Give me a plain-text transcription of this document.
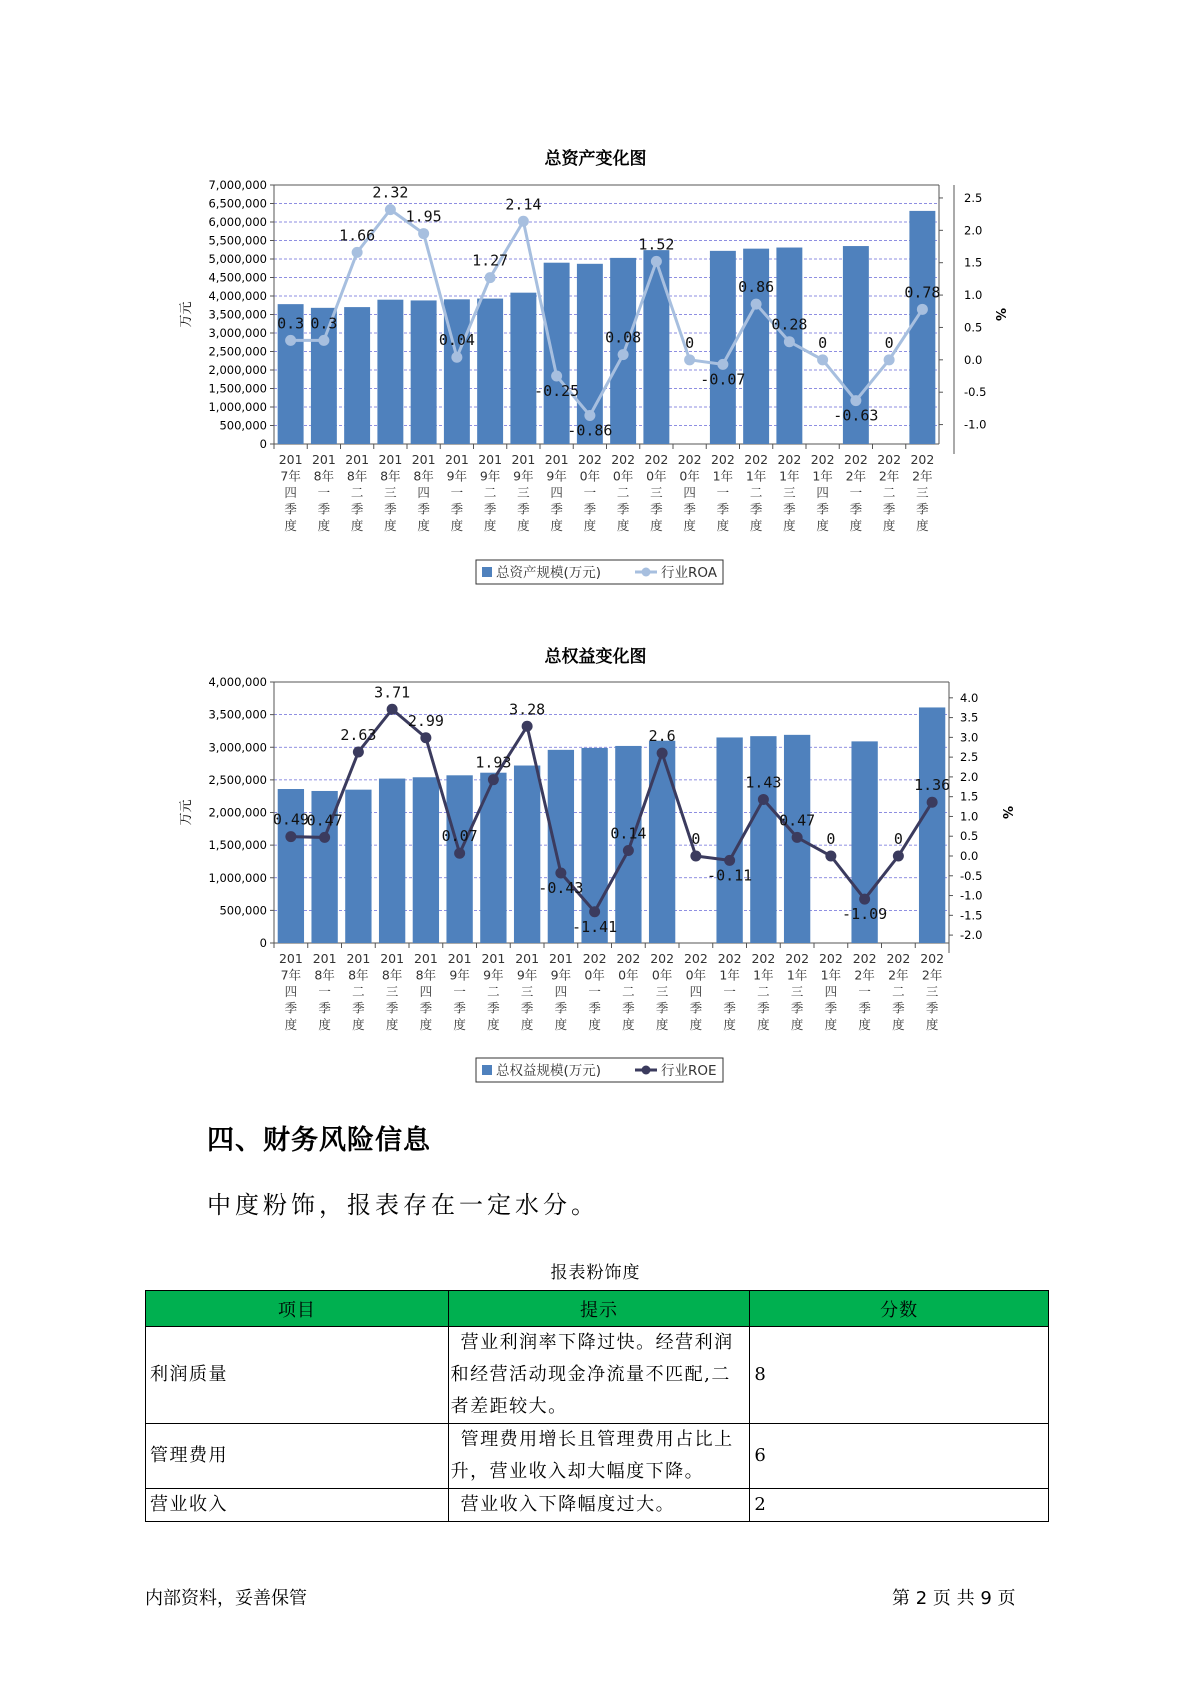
总资产变化图
0
500,000
1,000,000
1,500,000
2,000,000
2,500,000
3,000,000
3,500,000
4,000,000
4,500,000
5,000,000
5,500,000
6,000,000
6,500,000
7,000,000
-1.0
-0.5
0.0
0.5
1.0
1.5
2.0
2.5
万元	%
201 7年四季度
201 8年一季度
201 8年二季度
201 8年三季度
201 8年四季度
201 9年一季度
201 9年二季度
201 9年三季度
201 9年四季度
202 0年一季度
202 0年二季度
202 0年三季度
202 0年四季度
202 1年一季度
202 1年二季度
202 1年三季度
202 1年四季度
202 2年一季度
202 2年二季度
202 2年三季度
0.3 0.3
1.66
2.32
1.95
0.04
1.27
2.14
-0.25
-0.86
0.08
1.52
0
-0.07
0.86
0.28
0
-0.63
0
0.78
总资产规模(万元)	行业ROA
总权益变化图
0
500,000
1,000,000
1,500,000
2,000,000
2,500,000
3,000,000
3,500,000
4,000,000
-2.0
-1.5
-1.0
-0.5
0.0
0.5
1.0
1.5
2.0
2.5
3.0
3.5
4.0
万元	%
201 7年四季度
201 8年一季度
201 8年二季度
201 8年三季度
201 8年四季度
201 9年一季度
201 9年二季度
201 9年三季度
201 9年四季度
202 0年一季度
202 0年二季度
202 0年三季度
202 0年四季度
202 1年一季度
202 1年二季度
202 1年三季度
202 1年四季度
202 2年一季度
202 2年二季度
202 2年三季度
0.49
0.47
2.63
3.71
2.99
0.07
1.93
3.28
-0.43
-1.41
0.14
2.6
0
-0.11
1.43
0.47
0
-1.09
0
1.36
总权益规模(万元)	行业ROE
四、财务风险信息
中度粉饰，报表存在一定水分。
报表粉饰度
项目	提示	分数
利润质量	营业利润率下降过快。经营利润和经营活动现金净流量不匹配,二者差距较大。	8
管理费用	管理费用增长且管理费用占比上升，营业收入却大幅度下降。	6
营业收入	营业收入下降幅度过大。	2
内部资料，妥善保管	第 2 页 共 9 页
